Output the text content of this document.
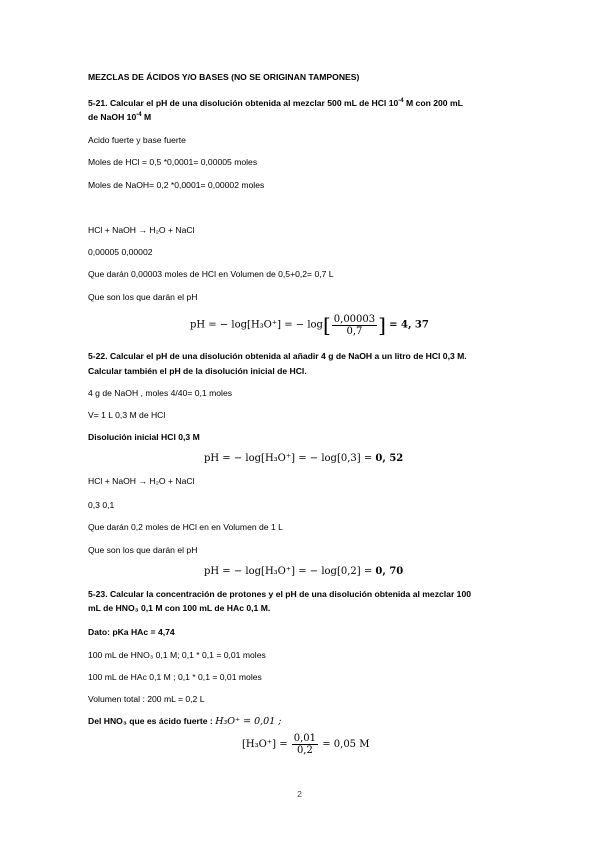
MEZCLAS DE ÁCIDOS Y/O BASES (NO SE ORIGINAN TAMPONES)
5-21. Calcular el pH de una disolución obtenida al mezclar 500 mL de HCl $10^{-4}$ M con 200 mL
de NaOH $10^{-4}$ M
Acido fuerte y base fuerte
Moles de HCl = 0,5 *0,0001= 0,00005 moles
Moles de NaOH= 0,2 *0,0001= 0,00002 moles
HCl + NaOH → H₂O + NaCl
0,00005 0,00002
Que darán 0,00003 moles de HCl en Volumen de 0,5+0,2= 0,7 L
Que son los que darán el pH
pH = − log[H₃O⁺] = − $\log[ \frac{0,00003}{0,7}$ ] = 4, 37
5-22. Calcular el pH de una disolución obtenida al añadir 4 g de NaOH a un litro de HCl 0,3 M.
Calcular también el pH de la disolución inicial de HCl.
4 g de NaOH , moles 4/40= 0,1 moles
V= 1 L 0,3 M de HCl
Disolución inicial HCl 0,3 M
pH = − log[H₃O⁺] = − log[0,3] = 0, 52
HCl + NaOH → H₂O + NaCl
0,3 0,1
Que darán 0,2 moles de HCl en en Volumen de 1 L
Que son los que darán el pH
pH = − log[H₃O⁺] = − log[0,2] = 0, 70
5-23. Calcular la concentración de protones y el pH de una disolución obtenida al mezclar 100
mL de HNO₃ 0,1 M con 100 mL de HAc 0,1 M.
Dato: pKa HAc = 4,74
100 mL de HNO₃ 0,1 M; 0,1 * 0,1 = 0,01 moles
100 mL de HAc 0,1 M ; 0,1 * 0,1 = 0,01 moles
Volumen total : 200 mL = 0,2 L
Del HNO₃ que es ácido fuerte : H₃O⁺ = 0,01 ;
$[H_3O^+] = \frac{0,01}{0,2} = 0,05$ M
2
